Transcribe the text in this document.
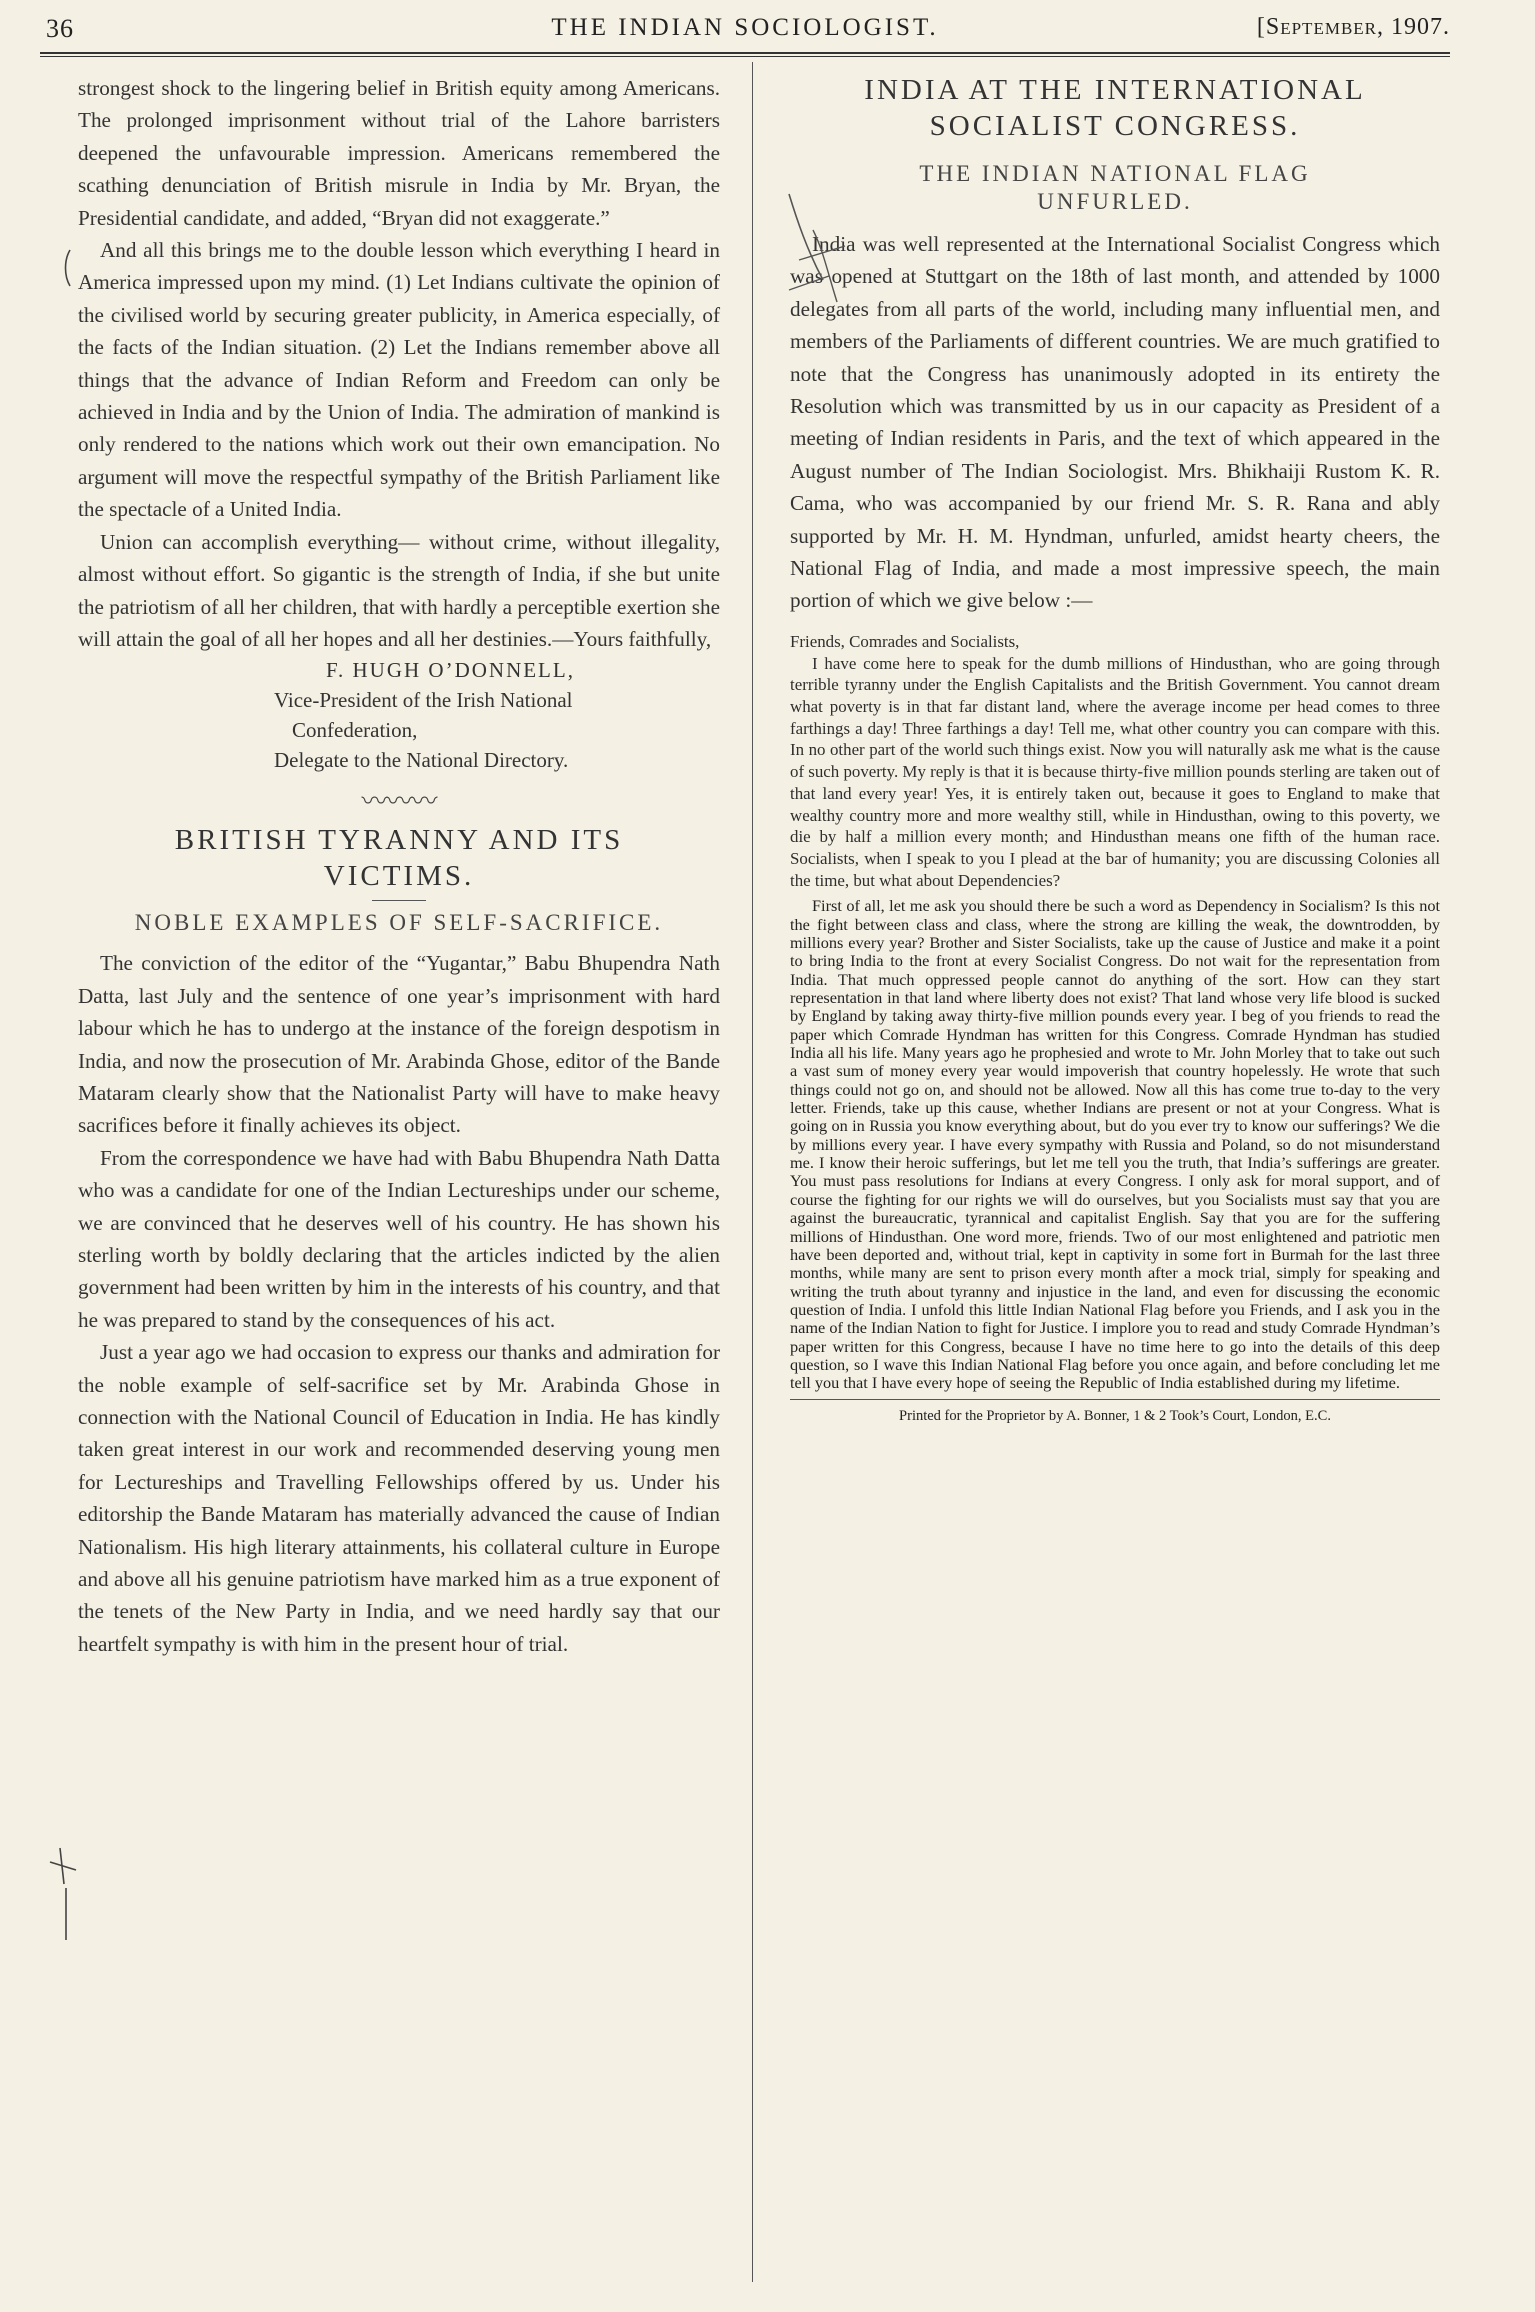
36	THE INDIAN SOCIOLOGIST.	[September, 1907.

strongest shock to the lingering belief in British equity among Americans. The prolonged imprisonment without trial of the Lahore barristers deepened the unfavourable impression. Americans remembered the scathing denunciation of British misrule in India by Mr. Bryan, the Presidential candidate, and added, “Bryan did not exaggerate.”

And all this brings me to the double lesson which everything I heard in America impressed upon my mind. (1) Let Indians cultivate the opinion of the civilised world by securing greater publicity, in America especially, of the facts of the Indian situation. (2) Let the Indians remember above all things that the advance of Indian Reform and Freedom can only be achieved in India and by the Union of India. The admiration of mankind is only rendered to the nations which work out their own emancipation. No argument will move the respectful sympathy of the British Parliament like the spectacle of a United India.

Union can accomplish everything— without crime, without illegality, almost without effort. So gigantic is the strength of India, if she but unite the patriotism of all her children, that with hardly a perceptible exertion she will attain the goal of all her hopes and all her destinies.—Yours faithfully,

F. HUGH O’DONNELL,
Vice-President of the Irish National
Confederation,
Delegate to the National Directory.
〰〰〰
BRITISH TYRANNY AND ITS
VICTIMS.
NOBLE EXAMPLES OF SELF-SACRIFICE.

The conviction of the editor of the “Yugantar,” Babu Bhupendra Nath Datta, last July and the sentence of one year’s imprisonment with hard labour which he has to undergo at the instance of the foreign despotism in India, and now the prosecution of Mr. Arabinda Ghose, editor of the Bande Mataram clearly show that the Nationalist Party will have to make heavy sacrifices before it finally achieves its object.

From the correspondence we have had with Babu Bhupendra Nath Datta who was a candidate for one of the Indian Lectureships under our scheme, we are convinced that he deserves well of his country. He has shown his sterling worth by boldly declaring that the articles indicted by the alien government had been written by him in the interests of his country, and that he was prepared to stand by the consequences of his act.

Just a year ago we had occasion to express our thanks and admiration for the noble example of self-sacrifice set by Mr. Arabinda Ghose in connection with the National Council of Education in India. He has kindly taken great interest in our work and recommended deserving young men for Lectureships and Travelling Fellowships offered by us. Under his editorship the Bande Mataram has materially advanced the cause of Indian Nationalism. His high literary attainments, his collateral culture in Europe and above all his genuine patriotism have marked him as a true exponent of the tenets of the New Party in India, and we need hardly say that our heartfelt sympathy is with him in the present hour of trial.

INDIA AT THE INTERNATIONAL
SOCIALIST CONGRESS.
THE INDIAN NATIONAL FLAG
UNFURLED.

India was well represented at the International Socialist Congress which was opened at Stuttgart on the 18th of last month, and attended by 1000 delegates from all parts of the world, including many influential men, and members of the Parliaments of different countries. We are much gratified to note that the Congress has unanimously adopted in its entirety the Resolution which was transmitted by us in our capacity as President of a meeting of Indian residents in Paris, and the text of which appeared in the August number of The Indian Sociologist. Mrs. Bhikhaiji Rustom K. R. Cama, who was accompanied by our friend Mr. S. R. Rana and ably supported by Mr. H. M. Hyndman, unfurled, amidst hearty cheers, the National Flag of India, and made a most impressive speech, the main portion of which we give below :—

Friends, Comrades and Socialists,

I have come here to speak for the dumb millions of Hindusthan, who are going through terrible tyranny under the English Capitalists and the British Government. You cannot dream what poverty is in that far distant land, where the average income per head comes to three farthings a day! Three farthings a day! Tell me, what other country you can compare with this. In no other part of the world such things exist. Now you will naturally ask me what is the cause of such poverty. My reply is that it is because thirty-five million pounds sterling are taken out of that land every year! Yes, it is entirely taken out, because it goes to England to make that wealthy country more and more wealthy still, while in Hindusthan, owing to this poverty, we die by half a million every month; and Hindusthan means one fifth of the human race. Socialists, when I speak to you I plead at the bar of humanity; you are discussing Colonies all the time, but what about Dependencies?

First of all, let me ask you should there be such a word as Dependency in Socialism? Is this not the fight between class and class, where the strong are killing the weak, the downtrodden, by millions every year? Brother and Sister Socialists, take up the cause of Justice and make it a point to bring India to the front at every Socialist Congress. Do not wait for the representation from India. That much oppressed people cannot do anything of the sort. How can they start representation in that land where liberty does not exist? That land whose very life blood is sucked by England by taking away thirty-five million pounds every year. I beg of you friends to read the paper which Comrade Hyndman has written for this Congress. Comrade Hyndman has studied India all his life. Many years ago he prophesied and wrote to Mr. John Morley that to take out such a vast sum of money every year would impoverish that country hopelessly. He wrote that such things could not go on, and should not be allowed. Now all this has come true to-day to the very letter. Friends, take up this cause, whether Indians are present or not at your Congress. What is going on in Russia you know everything about, but do you ever try to know our sufferings? We die by millions every year. I have every sympathy with Russia and Poland, so do not misunderstand me. I know their heroic sufferings, but let me tell you the truth, that India’s sufferings are greater. You must pass resolutions for Indians at every Congress. I only ask for moral support, and of course the fighting for our rights we will do ourselves, but you Socialists must say that you are against the bureaucratic, tyrannical and capitalist English. Say that you are for the suffering millions of Hindusthan. One word more, friends. Two of our most enlightened and patriotic men have been deported and, without trial, kept in captivity in some fort in Burmah for the last three months, while many are sent to prison every month after a mock trial, simply for speaking and writing the truth about tyranny and injustice in the land, and even for discussing the economic question of India. I unfold this little Indian National Flag before you Friends, and I ask you in the name of the Indian Nation to fight for Justice. I implore you to read and study Comrade Hyndman’s paper written for this Congress, because I have no time here to go into the details of this deep question, so I wave this Indian National Flag before you once again, and before concluding let me tell you that I have every hope of seeing the Republic of India established during my lifetime.

Printed for the Proprietor by A. Bonner, 1 & 2 Took’s Court, London, E.C.
